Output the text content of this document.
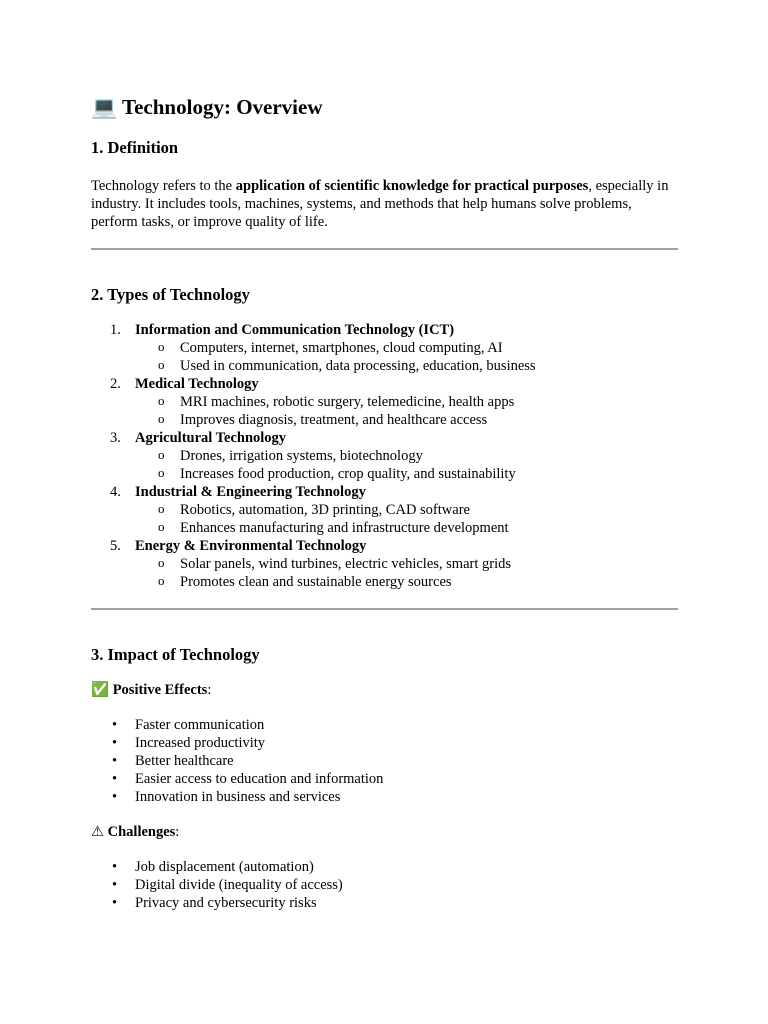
💻 Technology: Overview
1. Definition

Technology refers to the application of scientific knowledge for practical purposes, especially in industry. It includes tools, machines, systems, and methods that help humans solve problems, perform tasks, or improve quality of life.

2. Types of Technology
1. Information and Communication Technology (ICT)
o Computers, internet, smartphones, cloud computing, AI
o Used in communication, data processing, education, business
2. Medical Technology
o MRI machines, robotic surgery, telemedicine, health apps
o Improves diagnosis, treatment, and healthcare access
3. Agricultural Technology
o Drones, irrigation systems, biotechnology
o Increases food production, crop quality, and sustainability
4. Industrial & Engineering Technology
o Robotics, automation, 3D printing, CAD software
o Enhances manufacturing and infrastructure development
5. Energy & Environmental Technology
o Solar panels, wind turbines, electric vehicles, smart grids
o Promotes clean and sustainable energy sources
3. Impact of Technology

✅ Positive Effects:

• Faster communication
• Increased productivity
• Better healthcare
• Easier access to education and information
• Innovation in business and services

⚠ Challenges:

• Job displacement (automation)
• Digital divide (inequality of access)
• Privacy and cybersecurity risks
